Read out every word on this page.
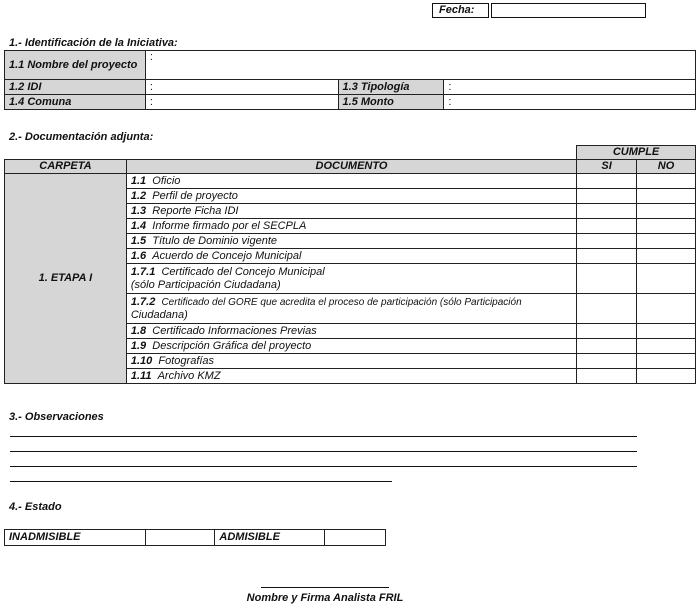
Fecha:
1.- Identificación de la Iniciativa:
1.1 Nombre del proyecto	:		
1.2 IDI	:	1.3 Tipología	:
1.4 Comuna	:	1.5 Monto	:
2.- Documentación adjunta:
		CUMPLE	
CARPETA	DOCUMENTO	SI	NO
1. ETAPA I	1.1 Oficio		
	1.2 Perfil de proyecto		
	1.3 Reporte Ficha IDI		
	1.4 Informe firmado por el SECPLA		
	1.5 Título de Dominio vigente		
	1.6 Acuerdo de Concejo Municipal		
	1.7.1 Certificado del Concejo Municipal
(sólo Participación Ciudadana)		
	1.7.2 Certificado del GORE que acredita el proceso de participación (sólo Participación
Ciudadana)		
	1.8 Certificado Informaciones Previas		
	1.9 Descripción Gráfica del proyecto		
	1.10 Fotografías		
	1.11 Archivo KMZ		
3.- Observaciones
4.- Estado
INADMISIBLE		ADMISIBLE	
Nombre y Firma Analista FRIL
